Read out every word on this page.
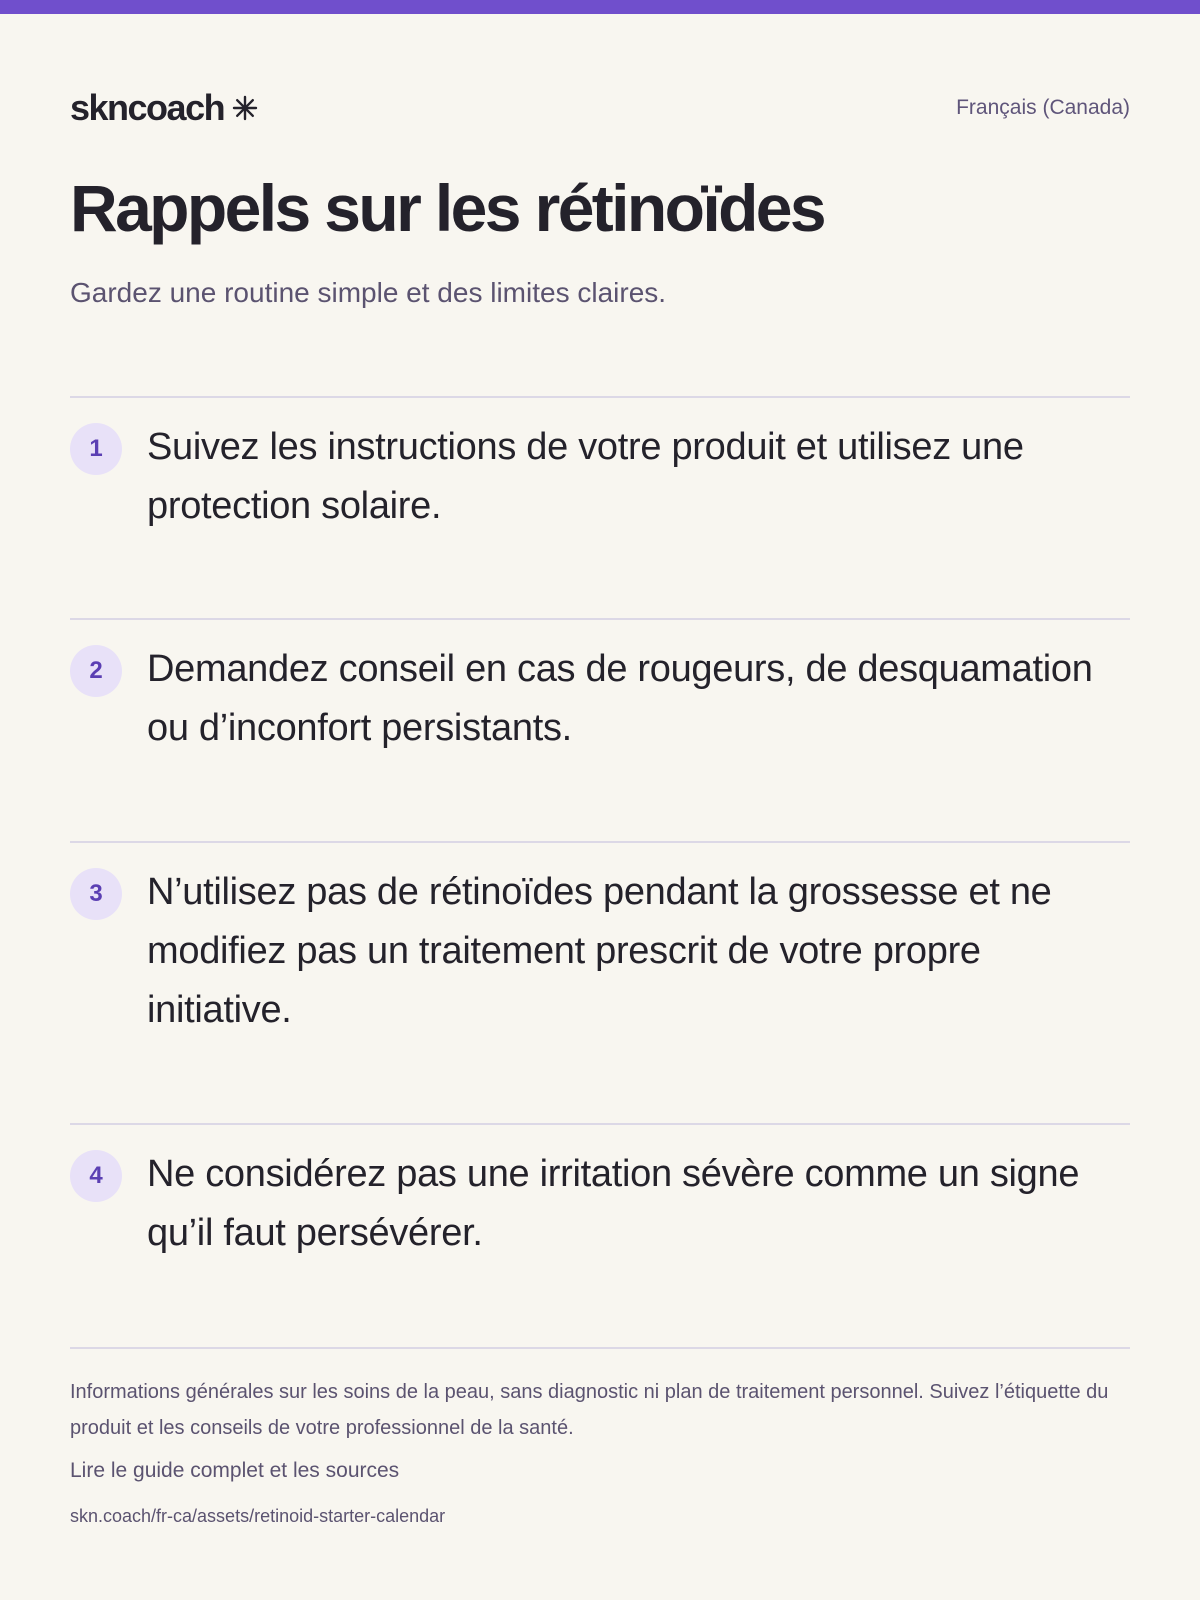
skncoach	Français (Canada)
Rappels sur les rétinoïdes

Gardez une routine simple et des limites claires.

1	Suivez les instructions de votre produit et utilisez une protection solaire.

2	Demandez conseil en cas de rougeurs, de desquamation ou d’inconfort persistants.

3	N’utilisez pas de rétinoïdes pendant la grossesse et ne modifiez pas un traitement prescrit de votre propre initiative.

4	Ne considérez pas une irritation sévère comme un signe qu’il faut persévérer.

Informations générales sur les soins de la peau, sans diagnostic ni plan de traitement personnel. Suivez l’étiquette du produit et les conseils de votre professionnel de la santé.

Lire le guide complet et les sources
skn.coach/fr-ca/assets/retinoid-starter-calendar
